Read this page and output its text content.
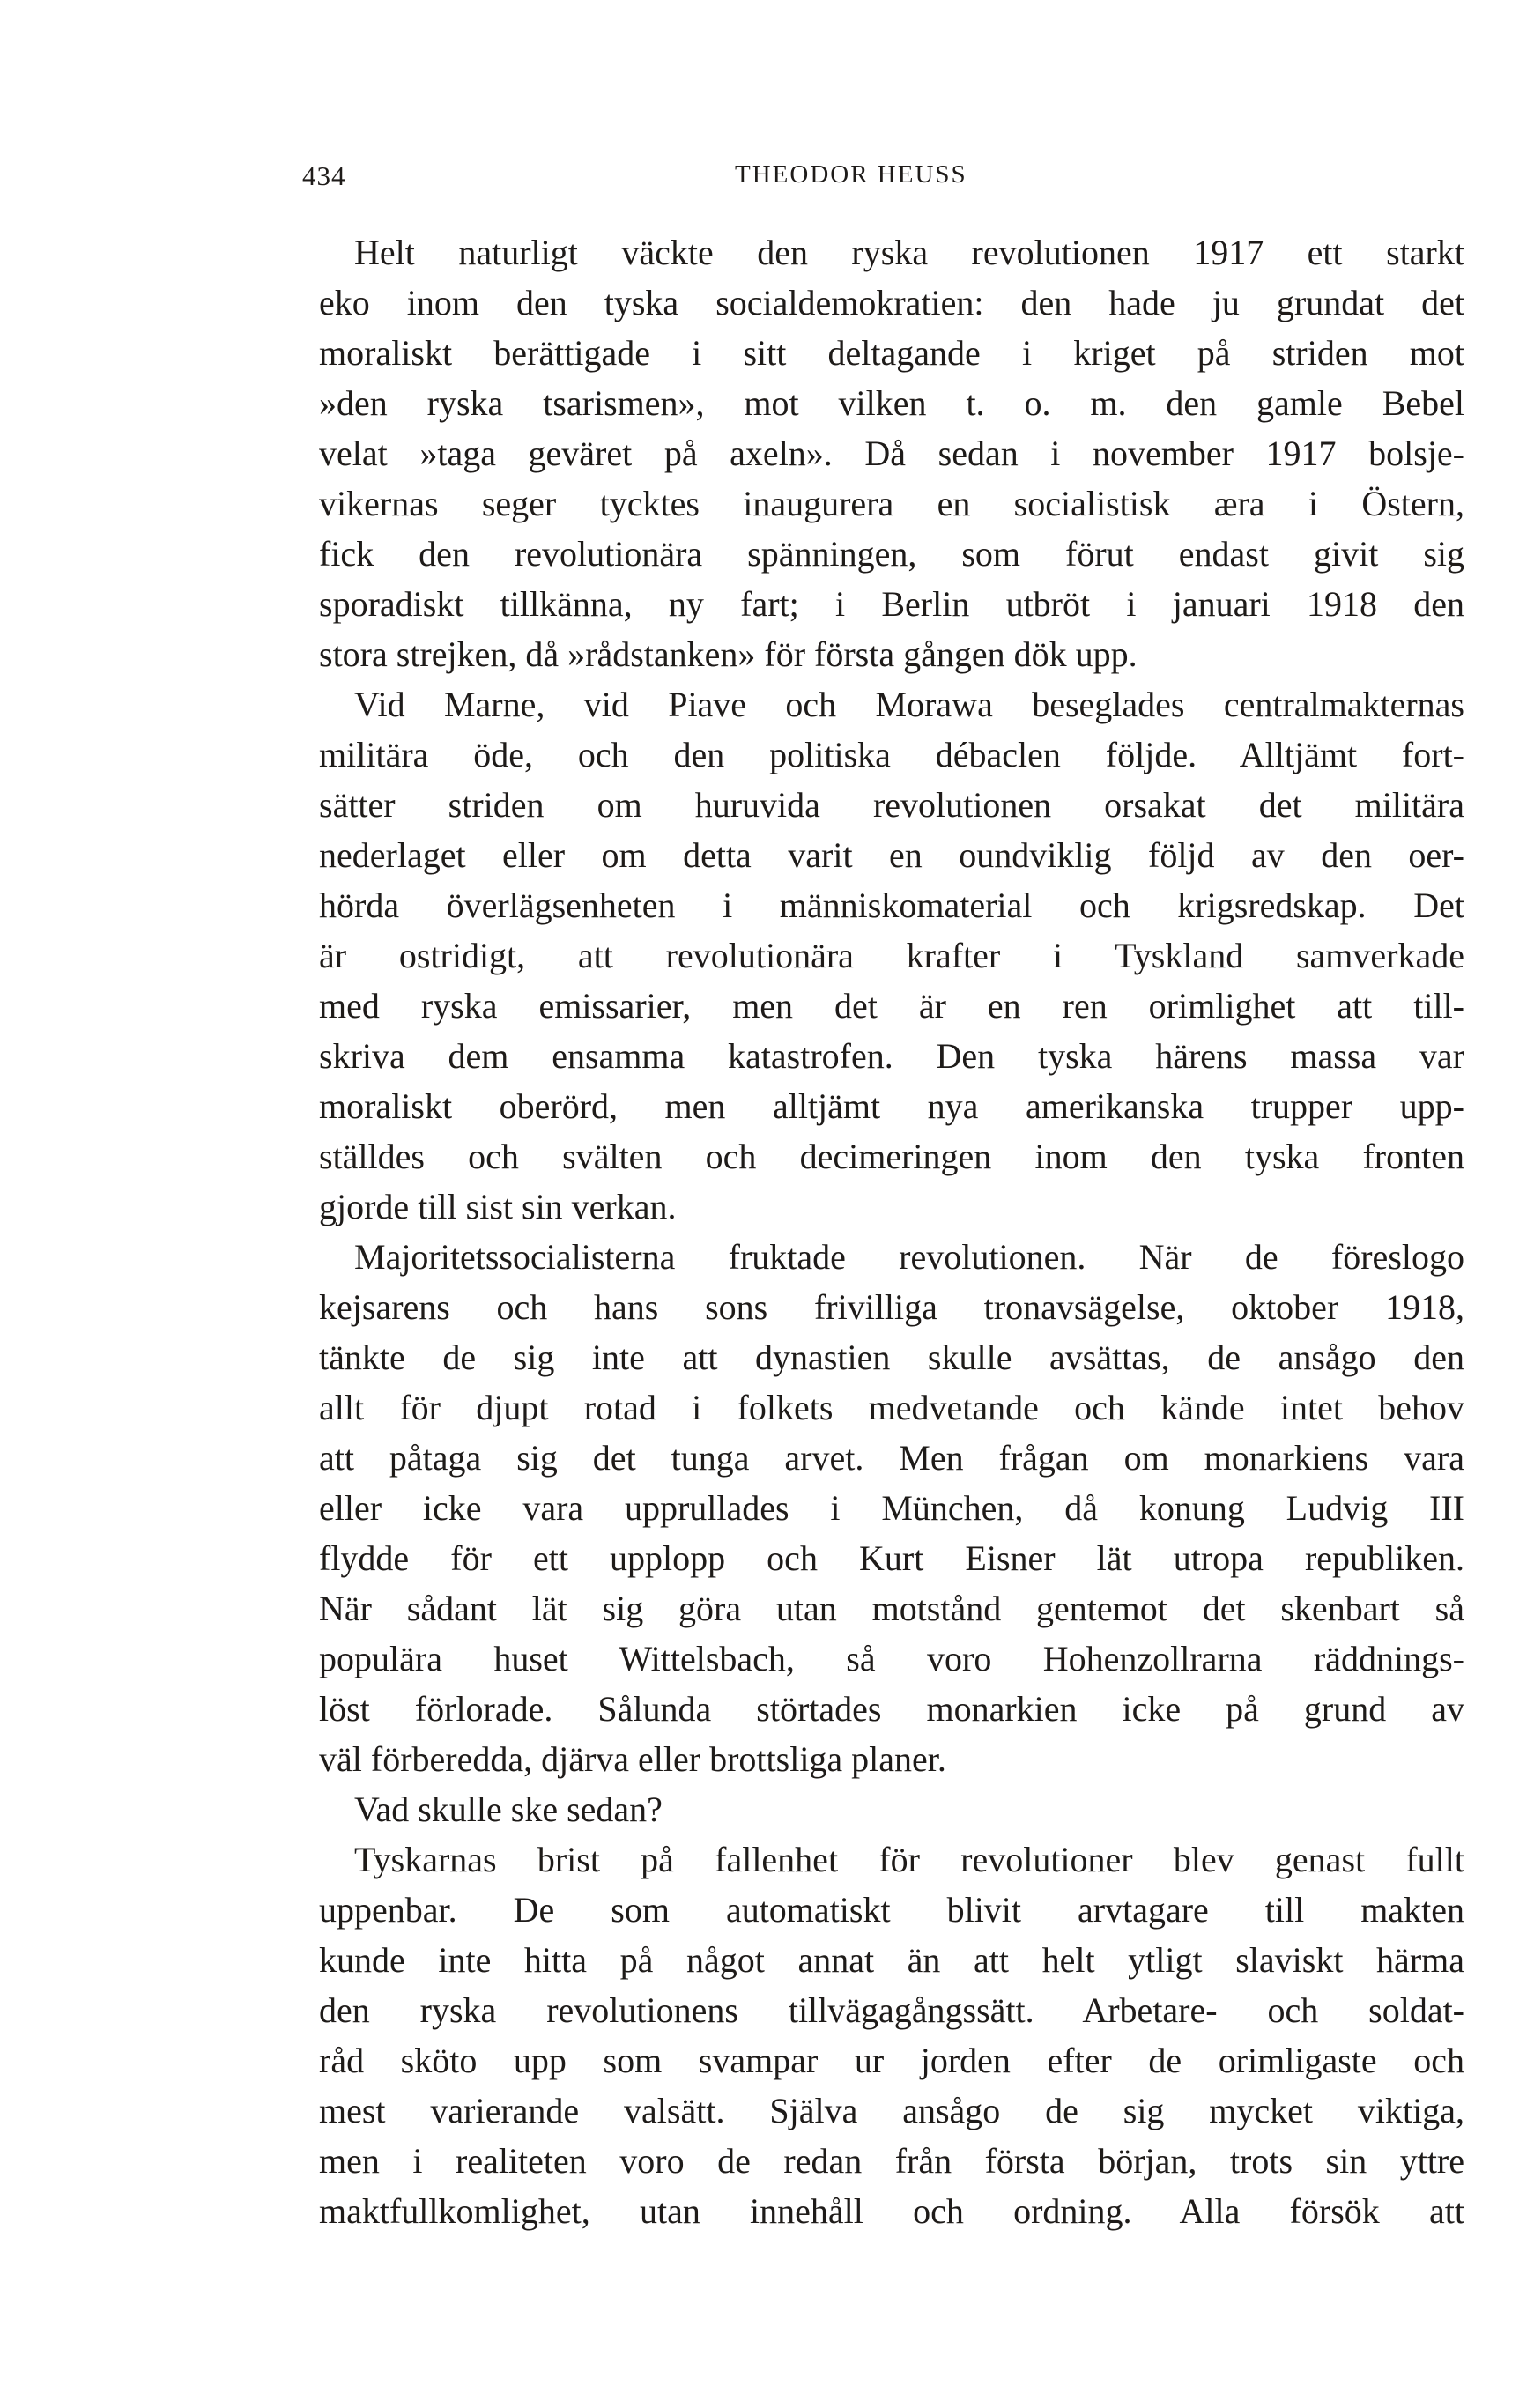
434	THEODOR HEUSS
Helt naturligt väckte den ryska revolutionen 1917 ett starkt
eko inom den tyska socialdemokratien: den hade ju grundat det
moraliskt berättigade i sitt deltagande i kriget på striden mot
»den ryska tsarismen», mot vilken t. o. m. den gamle Bebel
velat »taga geväret på axeln». Då sedan i november 1917 bolsje-
vikernas seger tycktes inaugurera en socialistisk æra i Östern,
fick den revolutionära spänningen, som förut endast givit sig
sporadiskt tillkänna, ny fart; i Berlin utbröt i januari 1918 den
stora strejken, då »rådstanken» för första gången dök upp.
Vid Marne, vid Piave och Morawa beseglades centralmakternas
militära öde, och den politiska débaclen följde. Alltjämt fort-
sätter striden om huruvida revolutionen orsakat det militära
nederlaget eller om detta varit en oundviklig följd av den oer-
hörda överlägsenheten i människomaterial och krigsredskap. Det
är ostridigt, att revolutionära krafter i Tyskland samverkade
med ryska emissarier, men det är en ren orimlighet att till-
skriva dem ensamma katastrofen. Den tyska härens massa var
moraliskt oberörd, men alltjämt nya amerikanska trupper upp-
ställdes och svälten och decimeringen inom den tyska fronten
gjorde till sist sin verkan.
Majoritetssocialisterna fruktade revolutionen. När de föreslogo
kejsarens och hans sons frivilliga tronavsägelse, oktober 1918,
tänkte de sig inte att dynastien skulle avsättas, de ansågo den
allt för djupt rotad i folkets medvetande och kände intet behov
att påtaga sig det tunga arvet. Men frågan om monarkiens vara
eller icke vara upprullades i München, då konung Ludvig III
flydde för ett upplopp och Kurt Eisner lät utropa republiken.
När sådant lät sig göra utan motstånd gentemot det skenbart så
populära huset Wittelsbach, så voro Hohenzollrarna räddnings-
löst förlorade. Sålunda störtades monarkien icke på grund av
väl förberedda, djärva eller brottsliga planer.
Vad skulle ske sedan?
Tyskarnas brist på fallenhet för revolutioner blev genast fullt
uppenbar. De som automatiskt blivit arvtagare till makten
kunde inte hitta på något annat än att helt ytligt slaviskt härma
den ryska revolutionens tillvägagångssätt. Arbetare- och soldat-
råd sköto upp som svampar ur jorden efter de orimligaste och
mest varierande valsätt. Själva ansågo de sig mycket viktiga,
men i realiteten voro de redan från första början, trots sin yttre
maktfullkomlighet, utan innehåll och ordning. Alla försök att
